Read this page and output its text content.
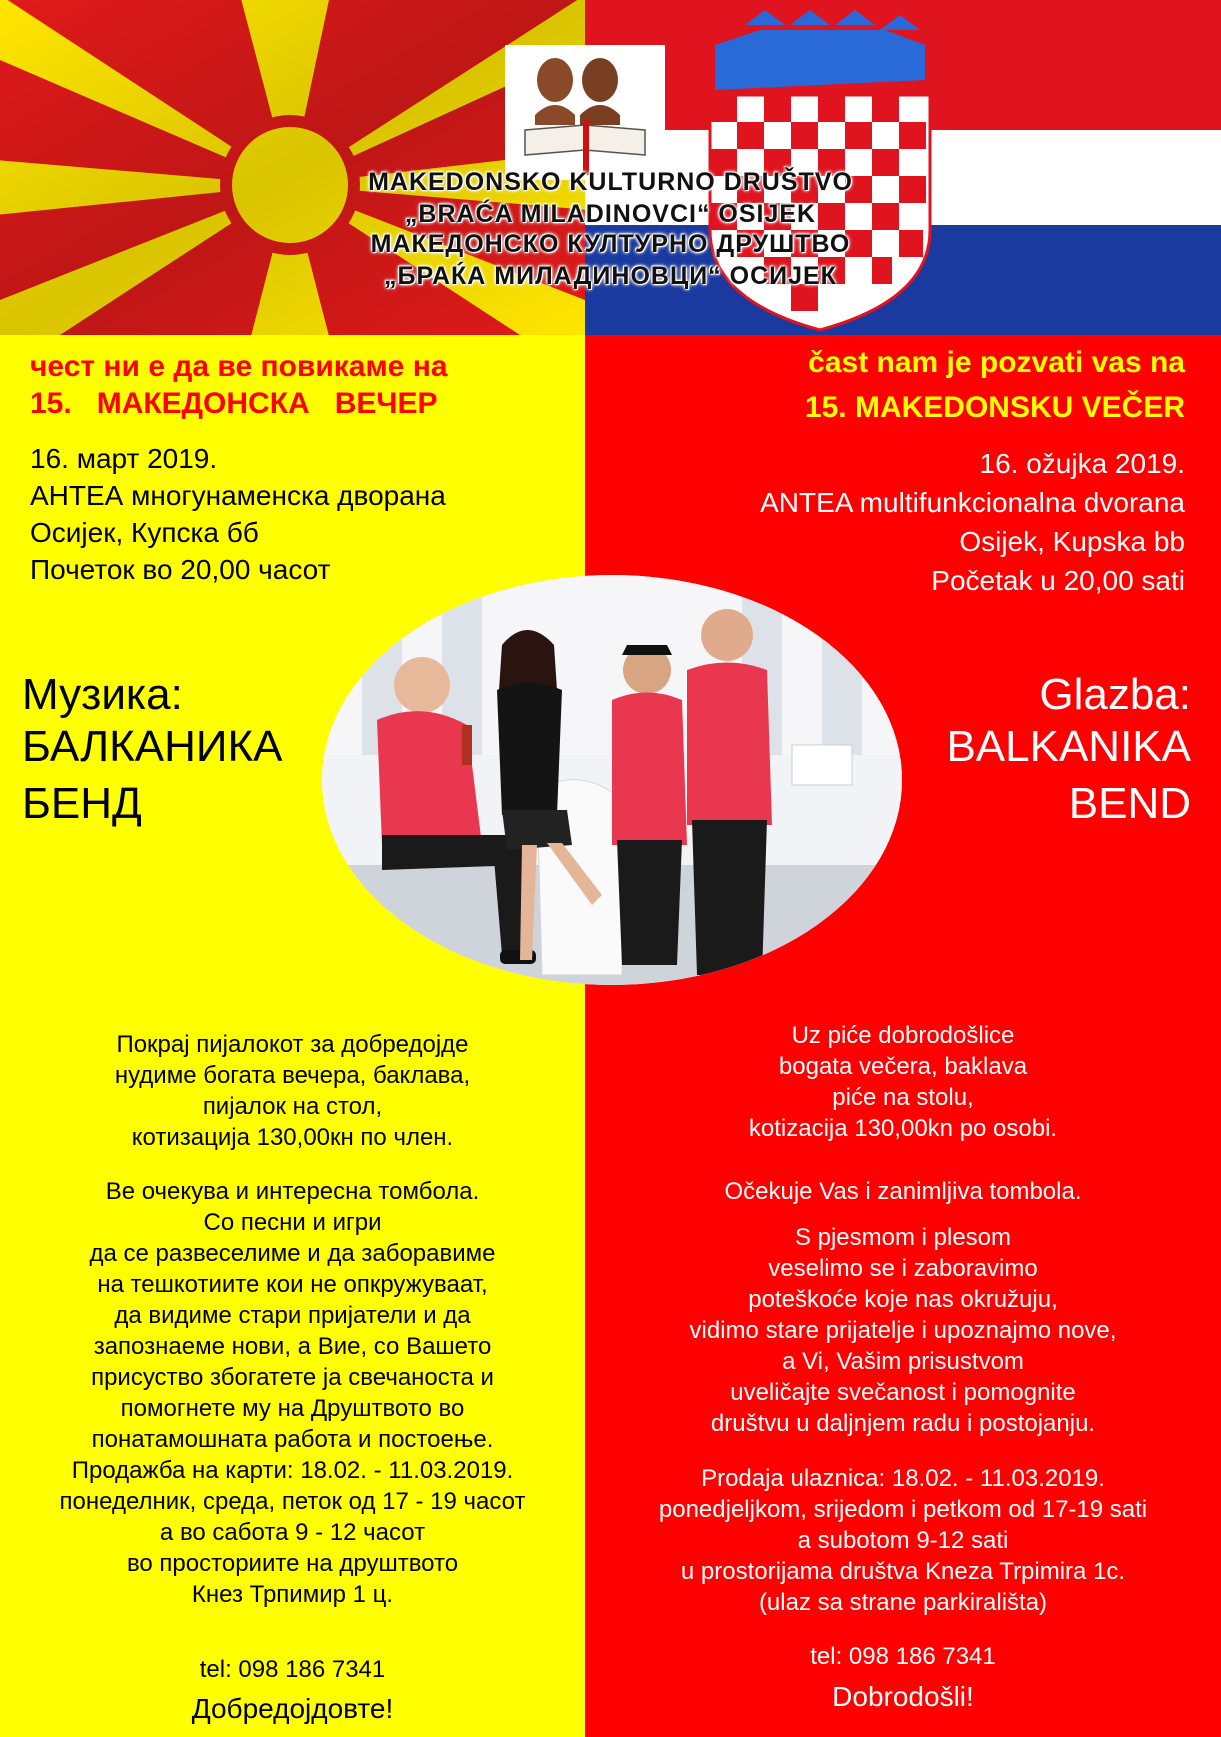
MAKEDONSKO KULTURNO DRUŠTVO
„BRAĆA MILADINOVCI“ OSIJEK
МАКЕДОНСКО КУЛТУРНО ДРУШТВО
„БРАЌА МИЛАДИНОВЦИ“ ОСИЈЕК
чест ни е да ве повикаме на
15.   МАКЕДОНСКА   ВЕЧЕР
16. март 2019.
АНТЕА многунаменска дворана
Осијек, Купска бб
Почеток во 20,00 часот
čast nam je pozvati vas na
15. MAKEDONSKU VEČER
16. ožujka 2019.
ANTEA multifunkcionalna dvorana
Osijek, Kupska bb
Početak u 20,00 sati
Музика:
БАЛКАНИКА
БЕНД
Glazba:
BALKANIKA
BEND
Покрај пијалокот за добредојде
нудиме богата вечера, баклава,
пијалок на стол,
котизација 130,00кн по член.
Ве очекува и интересна томбола.
Со песни и игри
да се развеселиме и да заборавиме
на тешкотиите кои не опкружуваат,
да видиме стари пријатели и да
запознаеме нови, а Вие, со Вашето
присуство збогатете ја свечаноста и
помогнете му на Друштвото во
понатамошната работа и постоење.
Продажба на карти: 18.02. - 11.03.2019.
понеделник, среда, петок од 17 - 19 часот
а во сабота 9 - 12 часот
во просториите на друштвото
Кнез Трпимир 1 ц.
tel: 098 186 7341
Добредојдовте!
Uz piće dobrodošlice
bogata večera, baklava
piće na stolu,
kotizacija 130,00kn po osobi.
Očekuje Vas i zanimljiva tombola.
S pjesmom i plesom
veselimo se i zaboravimo
poteškoće koje nas okružuju,
vidimo stare prijatelje i upoznajmo nove,
a Vi, Vašim prisustvom
uveličajte svečanost i pomognite
društvu u daljnjem radu i postojanju.
Prodaja ulaznica: 18.02. - 11.03.2019.
ponedjeljkom, srijedom i petkom od 17-19 sati
a subotom 9-12 sati
u prostorijama društva Kneza Trpimira 1c.
(ulaz sa strane parkirališta)
tel: 098 186 7341
Dobrodošli!
